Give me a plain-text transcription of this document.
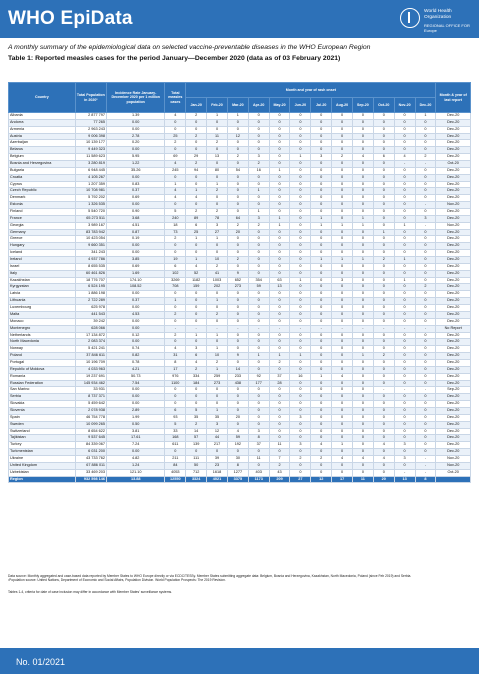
WHO EpiData	World Health
Organization
REGIONAL OFFICE FOR Europe
A monthly summary of the epidemiological data on selected vaccine-preventable diseases in the WHO European Region
Table 1: Reported measles cases for the period January—December 2020 (data as of 03 February 2021)
Country	Total Population in 2020¹	Incidence Rate January-December 2020 per 1 million population	Total measles cases	Month and year of rash onset												Month & year of last report
				Jan-20	Feb-20	Mar-20	Apr-20	May-20	Jun-20	Jul-20	Aug-20	Sep-20	Oct-20	Nov-20	Dec-20	
Albania	2 877 797	1.39	4	2	1	1	0	0	0	0	0	0	0	0	1	Dec-20
Andorra	77 265	0.00	0	0	0	0	0	0	0	0	0	0	0	0	0	Dec-20
Armenia	2 963 243	0.00	0	0	0	0	0	0	0	0	0	0	0	0	0	Dec-20
Austria	9 006 398	2.78	25	2	11	12	0	0	0	0	0	0	0	0	0	Dec-20
Azerbaijan	10 139 177	0.20	2	0	2	0	0	0	0	0	0	0	0	0	0	Dec-20
Belarus	9 449 323	0.00	0	0	0	0	0	0	0	0	0	0	0	0	0	Dec-20
Belgium	11 589 623	5.95	69	29	13	2	3	0	1	3	2	4	6	4	2	Dec-20
Bosnia and Herzegovina	3 280 819	1.22	4	2	0	0	2	0	0	0	0	0	0	-	-	Oct-20
Bulgaria	6 948 445	35.26	245	94	80	54	16	1	0	0	0	0	0	0	0	Dec-20
Croatia	4 105 267	0.00	0	0	0	0	0	0	0	0	0	0	0	0	0	Dec-20
Cyprus	1 207 359	0.83	1	0	1	0	0	0	0	0	0	0	0	0	0	Dec-20
Czech Republic	10 708 981	0.37	4	1	2	0	1	0	0	0	0	0	0	0	0	Dec-20
Denmark	5 792 202	0.69	4	4	0	0	0	0	0	0	0	0	0	0	0	Dec-20
Estonia	1 326 535	0.00	0	0	0	0	0	0	0	0	0	0	0	0	-	Nov-20
Finland	5 540 720	0.90	5	2	2	0	1	0	0	0	0	0	0	0	0	Dec-20
France	65 273 511	3.68	240	89	78	64	3	1	0	1	0	1	0	0	3	Dec-20
Georgia	3 989 167	4.51	18	6	3	2	2	1	0	1	1	1	0	1	-	Nov-20
Germany	83 783 942	0.87	73	25	27	20	0	0	0	0	0	0	1	0	0	Dec-20
Greece	10 423 054	0.19	2	1	1	0	0	0	0	0	0	0	0	0	0	Dec-20
Hungary	9 660 351	0.00	0	0	0	0	0	0	0	0	0	0	0	0	0	Dec-20
Iceland	341 243	0.00	0	0	0	0	0	0	0	0	0	0	0	0	0	Dec-20
Ireland	4 937 786	3.85	19	1	10	2	0	0	0	1	1	1	2	1	0	Dec-20
Israel	8 655 535	0.69	6	4	2	0	0	0	0	0	0	0	0	0	0	Dec-20
Italy	60 461 826	1.69	102	52	41	9	0	0	0	0	0	0	0	0	0	Dec-20
Kazakhstan	18 776 707	174.10	3269	1182	1003	652	354	63	1	0	3	0	0	1	0	Dec-20
Kyrgyzstan	6 524 195	108.52	708	159	202	273	59	13	0	0	0	0	0	0	2	Dec-20
Latvia	1 886 198	0.00	0	0	0	0	0	0	0	0	0	0	0	0	0	Dec-20
Lithuania	2 722 289	0.37	1	0	1	0	0	0	0	0	0	0	0	0	0	Dec-20
Luxembourg	625 978	0.00	0	0	0	0	0	0	0	0	0	0	0	0	0	Dec-20
Malta	441 543	4.53	2	0	2	0	0	0	0	0	0	0	0	0	0	Dec-20
Monaco	39 242	0.00	0	0	0	0	0	0	0	0	0	0	0	0	0	Dec-20
Montenegro	628 066	0.00	-	-	-	-	-	-	-	-	-	-	-	-	-	No Report
Netherlands	17 134 872	0.12	2	1	1	0	0	0	0	0	0	0	0	0	0	Dec-20
North Macedonia	2 083 374	0.00	0	0	0	0	0	0	0	0	0	0	0	0	0	Dec-20
Norway	5 421 241	0.74	4	3	1	0	0	0	0	0	0	0	0	0	0	Dec-20
Poland	37 846 611	0.82	31	6	10	9	1	1	1	0	0	1	2	0	0	Dec-20
Portugal	10 196 709	0.78	8	4	2	0	0	2	0	0	0	0	0	0	0	Dec-20
Republic of Moldova	4 033 963	4.21	17	2	1	14	0	0	0	0	0	0	0	0	0	Dec-20
Romania	19 237 691	50.73	976	334	259	233	92	37	16	1	4	0	0	0	0	Dec-20
Russian Federation	145 934 462	7.54	1100	184	273	438	177	28	0	0	0	0	0	0	0	Dec-20
San Marino	33 931	0.00	0	0	0	0	0	0	0	0	0	0	-	-	-	Sep-20
Serbia	8 737 371	0.00	0	0	0	0	0	0	0	0	0	0	0	0	0	Dec-20
Slovakia	5 459 642	0.00	0	0	0	0	0	0	0	0	0	0	0	0	0	Dec-20
Slovenia	2 078 938	2.89	6	5	1	0	0	0	0	0	0	0	0	0	0	Dec-20
Spain	46 754 778	1.99	93	35	35	20	0	0	3	0	0	0	0	0	0	Dec-20
Sweden	10 099 265	0.50	5	2	3	0	0	0	0	0	0	0	0	0	0	Dec-20
Switzerland	8 654 622	3.81	33	14	12	4	3	0	0	0	0	0	0	0	0	Dec-20
Tajikistan	9 537 645	17.61	168	57	44	59	8	0	0	0	0	0	0	0	0	Dec-20
Turkey	84 339 067	7.24	611	139	217	192	37	11	3	4	1	0	4	3	0	Dec-20
Turkmenistan	6 031 200	0.00	0	0	0	0	0	0	0	0	0	0	0	0	0	Dec-20
Ukraine	43 733 762	4.82	211	111	39	30	11	7	2	2	4	4	4	3	-	Nov-20
United Kingdom	67 886 011	1.24	84	50	23	8	0	2	0	0	0	0	0	0	-	Nov-20
Uzbekistan	33 469 203	121.10	4053	712	1618	1277	403	43	0	0	0	0	0	-	-	Oct-20
Region	932 598 146	13.88	12550	3324	4021	3375	1173	209	27	12	17	11	20	13	8	
Data source: Monthly aggregated and case-based data reported by Member States to WHO Europe directly or via ECDC/TESSy. Member States submitting aggregate data: Belgium, Bosnia and Herzegovina, Kazakhstan, North Macedonia, Poland (since Feb 2019) and Serbia.
¹Population source: United Nations, Department of Economic and Social Affairs, Population Division. World Population Prospects: The 2019 Revision.
Tables 1-4, criteria for date of case inclusion may differ in accordance with Member States' surveillance systems.
No. 01/2021
